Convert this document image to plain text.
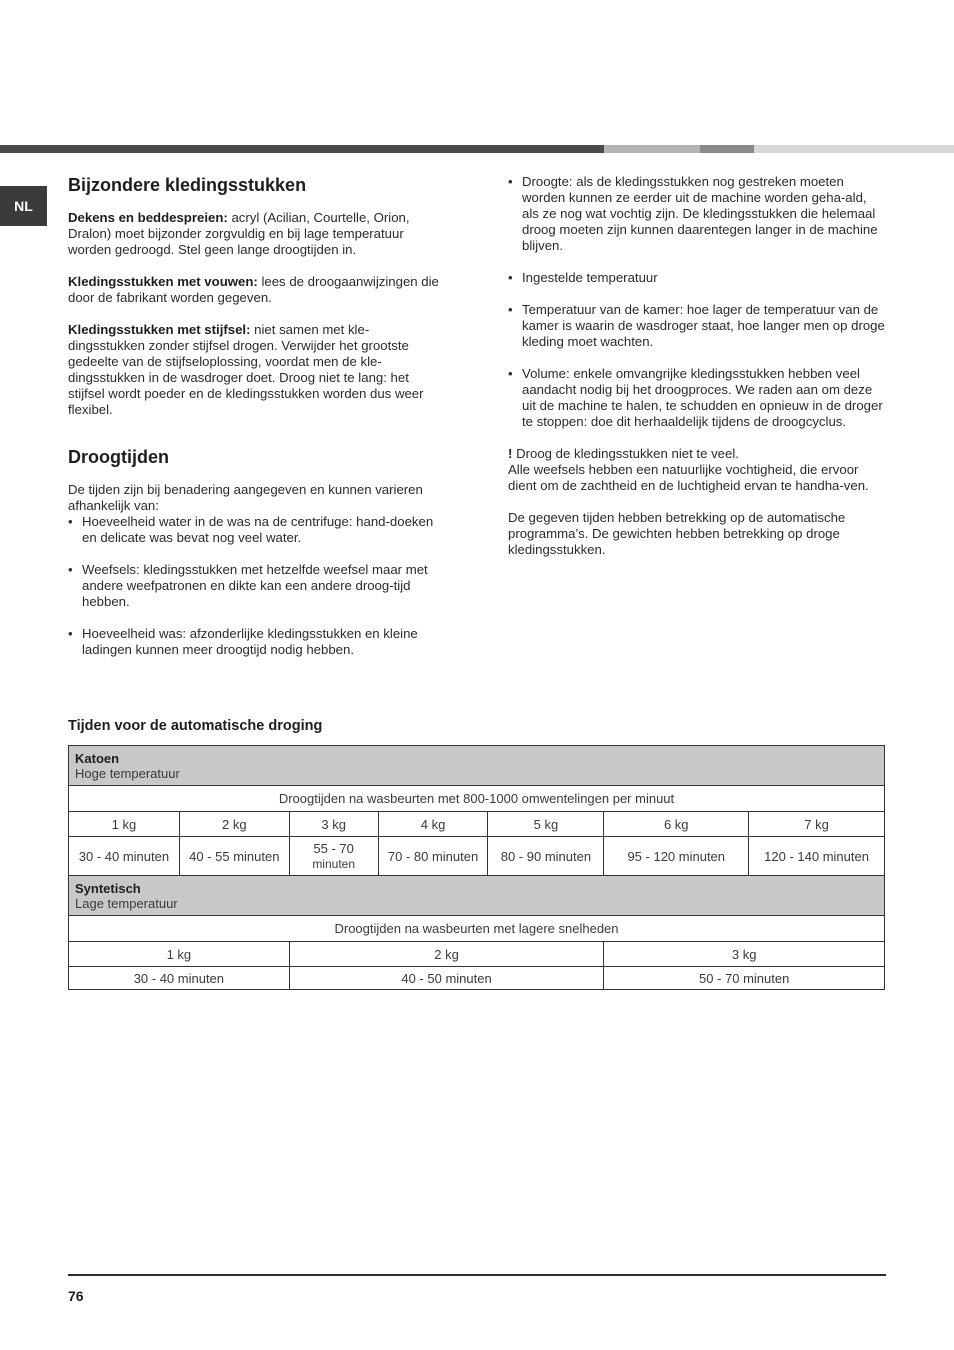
NL
Bijzondere kledingsstukken

Dekens en beddespreien: acryl (Acilian, Courtelle, Orion, Dralon) moet bijzonder zorgvuldig en bij lage temperatuur worden gedroogd. Stel geen lange droogtijden in.

Kledingsstukken met vouwen: lees de droogaanwijzingen die door de fabrikant worden gegeven.

Kledingsstukken met stijfsel: niet samen met kle-dingsstukken zonder stijfsel drogen. Verwijder het grootste gedeelte van de stijfseloplossing, voordat men de kle-dingsstukken in de wasdroger doet. Droog niet te lang: het stijfsel wordt poeder en de kledingsstukken worden dus weer flexibel.

Droogtijden

De tijden zijn bij benadering aangegeven en kunnen varieren afhankelijk van:

• Hoeveelheid water in de was na de centrifuge: hand-doeken en delicate was bevat nog veel water.
• Weefsels: kledingsstukken met hetzelfde weefsel maar met andere weefpatronen en dikte kan een andere droog-tijd hebben.
• Hoeveelheid was: afzonderlijke kledingsstukken en kleine ladingen kunnen meer droogtijd nodig hebben.
• Droogte: als de kledingsstukken nog gestreken moeten worden kunnen ze eerder uit de machine worden geha-ald, als ze nog wat vochtig zijn. De kledingsstukken die helemaal droog moeten zijn kunnen daarentegen langer in de machine blijven.
• Ingestelde temperatuur
• Temperatuur van de kamer: hoe lager de temperatuur van de kamer is waarin de wasdroger staat, hoe langer men op droge kleding moet wachten.
• Volume: enkele omvangrijke kledingsstukken hebben veel aandacht nodig bij het droogproces. We raden aan om deze uit de machine te halen, te schudden en opnieuw in de droger te stoppen: doe dit herhaaldelijk tijdens de droogcyclus.

! Droog de kledingsstukken niet te veel.

Alle weefsels hebben een natuurlijke vochtigheid, die ervoor dient om de zachtheid en de luchtigheid ervan te handha-ven.

De gegeven tijden hebben betrekking op de automatische programma’s. De gewichten hebben betrekking op droge kledingsstukken.

Tijden voor de automatische droging
Katoen
Hoge temperatuur						
Droogtijden na wasbeurten met 800-1000 omwentelingen per minuut						
1 kg	2 kg	3 kg	4 kg	5 kg	6 kg	7 kg
30 - 40 minuten	40 - 55 minuten	55 - 70
minuten	70 - 80 minuten	80 - 90 minuten	95 - 120 minuten	120 - 140 minuten
Syntetisch
Lage temperatuur						
Droogtijden na wasbeurten met lagere snelheden						
1 kg		2 kg			3 kg	
30 - 40 minuten		40 - 50 minuten			50 - 70 minuten	
76
